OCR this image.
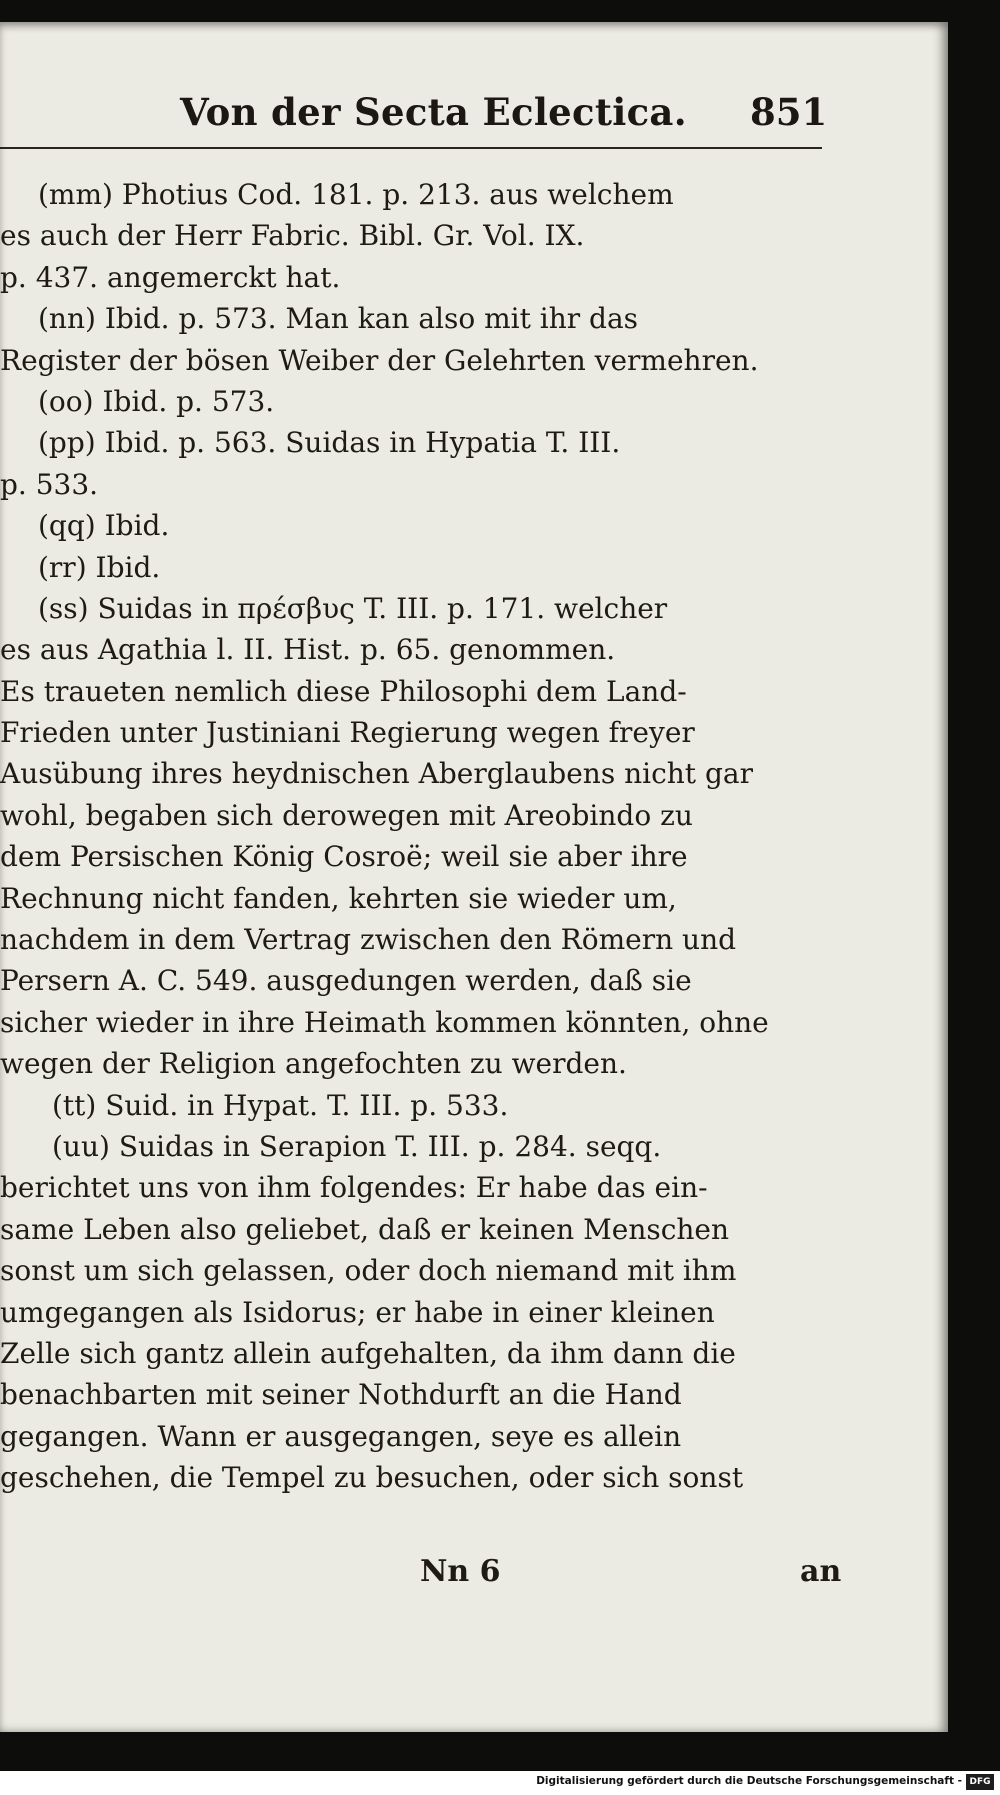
Von der Secta Eclectica. 851
(mm) Photius Cod. 181. p. 213. aus welchem
es auch der Herr Fabric. Bibl. Gr. Vol. IX.
p. 437. angemerckt hat.
(nn) Ibid. p. 573. Man kan also mit ihr das
Register der bösen Weiber der Gelehrten vermehren.
(oo) Ibid. p. 573.
(pp) Ibid. p. 563. Suidas in Hypatia T. III.
p. 533.
(qq) Ibid.
(rr) Ibid.
(ss) Suidas in πρέσβυς T. III. p. 171. welcher
es aus Agathia l. II. Hist. p. 65. genommen.
Es traueten nemlich diese Philosophi dem Land-
Frieden unter Justiniani Regierung wegen freyer
Ausübung ihres heydnischen Aberglaubens nicht gar
wohl, begaben sich derowegen mit Areobindo zu
dem Persischen König Cosroë; weil sie aber ihre
Rechnung nicht fanden, kehrten sie wieder um,
nachdem in dem Vertrag zwischen den Römern und
Persern A. C. 549. ausgedungen werden, daß sie
sicher wieder in ihre Heimath kommen könnten, ohne
wegen der Religion angefochten zu werden.
(tt) Suid. in Hypat. T. III. p. 533.
(uu) Suidas in Serapion T. III. p. 284. seqq.
berichtet uns von ihm folgendes: Er habe das ein-
same Leben also geliebet, daß er keinen Menschen
sonst um sich gelassen, oder doch niemand mit ihm
umgegangen als Isidorus; er habe in einer kleinen
Zelle sich gantz allein aufgehalten, da ihm dann die
benachbarten mit seiner Nothdurft an die Hand
gegangen. Wann er ausgegangen, seye es allein
geschehen, die Tempel zu besuchen, oder sich sonst
Nn 6	an
Digitalisierung gefördert durch die Deutsche Forschungsgemeinschaft - DFG
